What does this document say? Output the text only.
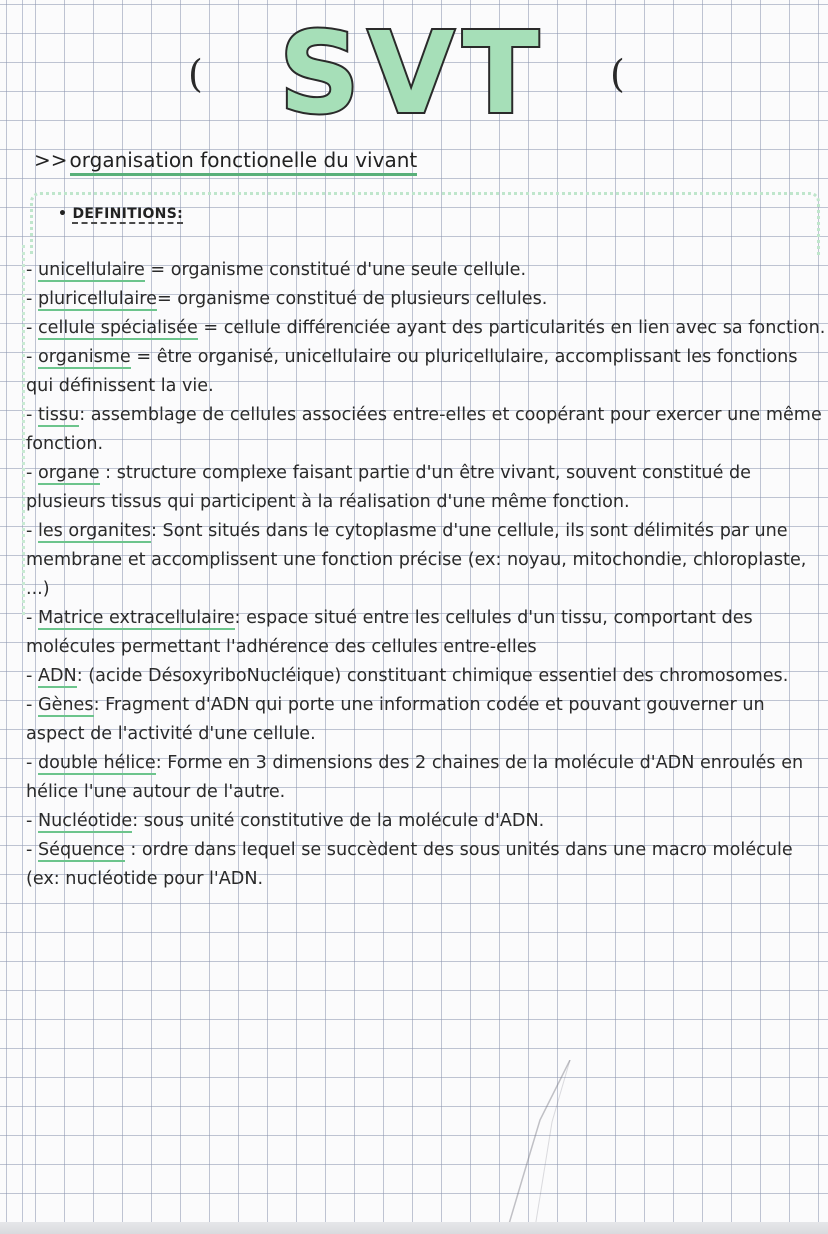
(	(
SVT
>> organisation fonctionelle du vivant
• DEFINITIONS:
- unicellulaire = organisme constitué d'une seule cellule.
- pluricellulaire= organisme constitué de plusieurs cellules.
- cellule spécialisée = cellule différenciée ayant des particularités en lien avec sa fonction.
- organisme = être organisé, unicellulaire ou pluricellulaire, accomplissant les fonctions qui définissent la vie.
- tissu: assemblage de cellules associées entre-elles et coopérant pour exercer une même fonction.
- organe : structure complexe faisant partie d'un être vivant, souvent constitué de plusieurs tissus qui participent à la réalisation d'une même fonction.
- les organites: Sont situés dans le cytoplasme d'une cellule, ils sont délimités par une membrane et accomplissent une fonction précise (ex: noyau, mitochondie, chloroplaste, ...)
- Matrice extracellulaire: espace situé entre les cellules d'un tissu, comportant des molécules permettant l'adhérence des cellules entre-elles
- ADN: (acide DésoxyriboNucléique) constituant chimique essentiel des chromosomes.
- Gènes: Fragment d'ADN qui porte une information codée et pouvant gouverner un aspect de l'activité d'une cellule.
- double hélice: Forme en 3 dimensions des 2 chaines de la molécule d'ADN enroulés en hélice l'une autour de l'autre.
- Nucléotide: sous unité constitutive de la molécule d'ADN.
- Séquence : ordre dans lequel se succèdent des sous unités dans une macro molécule (ex: nucléotide pour l'ADN.
